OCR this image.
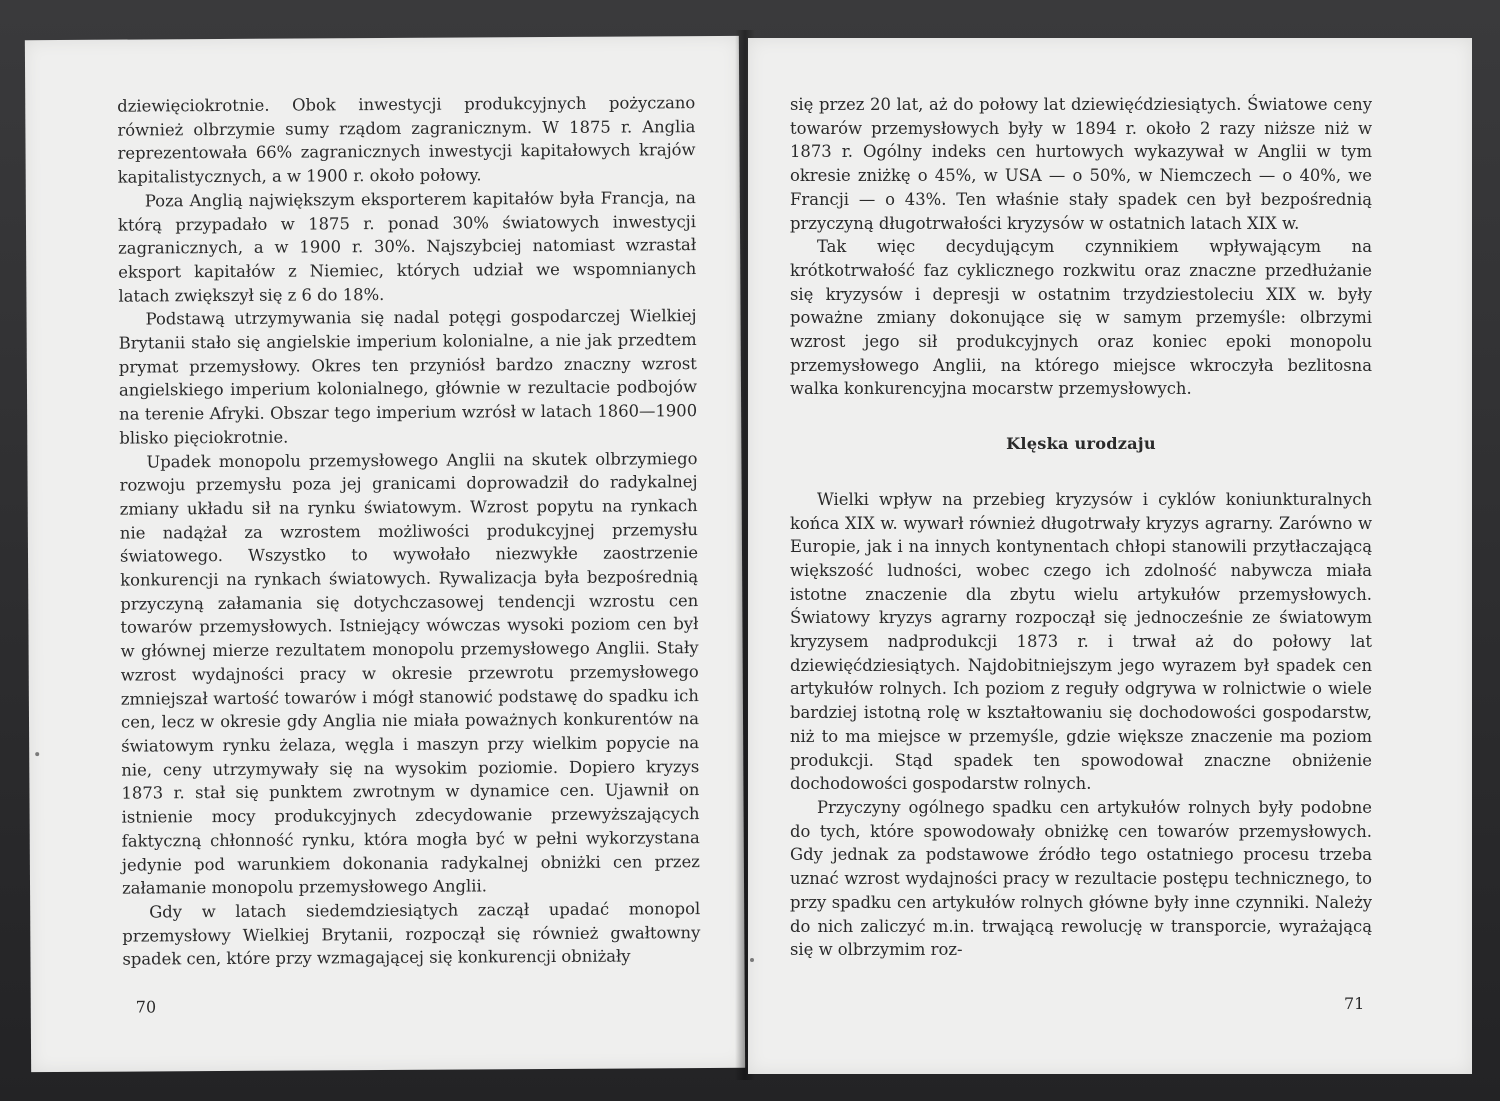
dziewięciokrotnie. Obok inwestycji produkcyjnych pożyczano również olbrzymie sumy rządom zagranicznym. W 1875 r. Anglia reprezentowała 66% zagranicznych inwestycji kapitałowych krajów kapitalistycznych, a w 1900 r. około połowy.

Poza Anglią największym eksporterem kapitałów była Francja, na którą przypadało w 1875 r. ponad 30% światowych inwestycji zagranicznych, a w 1900 r. 30%. Najszybciej natomiast wzrastał eksport kapitałów z Niemiec, których udział we wspomnianych latach zwiększył się z 6 do 18%.

Podstawą utrzymywania się nadal potęgi gospodarczej Wielkiej Brytanii stało się angielskie imperium kolonialne, a nie jak przedtem prymat przemysłowy. Okres ten przyniósł bardzo znaczny wzrost angielskiego imperium kolonialnego, głównie w rezultacie podbojów na terenie Afryki. Obszar tego imperium wzrósł w latach 1860—1900 blisko pięciokrotnie.

Upadek monopolu przemysłowego Anglii na skutek olbrzymiego rozwoju przemysłu poza jej granicami doprowadził do radykalnej zmiany układu sił na rynku światowym. Wzrost popytu na rynkach nie nadążał za wzrostem możliwości produkcyjnej przemysłu światowego. Wszystko to wywołało niezwykłe zaostrzenie konkurencji na rynkach światowych. Rywalizacja była bezpośrednią przyczyną załamania się dotychczasowej tendencji wzrostu cen towarów przemysłowych. Istniejący wówczas wysoki poziom cen był w głównej mierze rezultatem monopolu przemysłowego Anglii. Stały wzrost wydajności pracy w okresie przewrotu przemysłowego zmniejszał wartość towarów i mógł stanowić podstawę do spadku ich cen, lecz w okresie gdy Anglia nie miała poważnych konkurentów na światowym rynku żelaza, węgla i maszyn przy wielkim popycie na nie, ceny utrzymywały się na wysokim poziomie. Dopiero kryzys 1873 r. stał się punktem zwrotnym w dynamice cen. Ujawnił on istnienie mocy produkcyjnych zdecydowanie przewyższających faktyczną chłonność rynku, która mogła być w pełni wykorzystana jedynie pod warunkiem dokonania radykalnej obniżki cen przez załamanie monopolu przemysłowego Anglii.

Gdy w latach siedemdziesiątych zaczął upadać monopol przemysłowy Wielkiej Brytanii, rozpoczął się również gwałtowny spadek cen, które przy wzmagającej się konkurencji obniżały

70

się przez 20 lat, aż do połowy lat dziewięćdziesiątych. Światowe ceny towarów przemysłowych były w 1894 r. około 2 razy niższe niż w 1873 r. Ogólny indeks cen hurtowych wykazywał w Anglii w tym okresie zniżkę o 45%, w USA — o 50%, w Niemczech — o 40%, we Francji — o 43%. Ten właśnie stały spadek cen był bezpośrednią przyczyną długotrwałości kryzysów w ostatnich latach XIX w.

Tak więc decydującym czynnikiem wpływającym na krótkotrwałość faz cyklicznego rozkwitu oraz znaczne przedłużanie się kryzysów i depresji w ostatnim trzydziestoleciu XIX w. były poważne zmiany dokonujące się w samym przemyśle: olbrzymi wzrost jego sił produkcyjnych oraz koniec epoki monopolu przemysłowego Anglii, na którego miejsce wkroczyła bezlitosna walka konkurencyjna mocarstw przemysłowych.

Klęska urodzaju

Wielki wpływ na przebieg kryzysów i cyklów koniunkturalnych końca XIX w. wywarł również długotrwały kryzys agrarny. Zarówno w Europie, jak i na innych kontynentach chłopi stanowili przytłaczającą większość ludności, wobec czego ich zdolność nabywcza miała istotne znaczenie dla zbytu wielu artykułów przemysłowych. Światowy kryzys agrarny rozpoczął się jednocześnie ze światowym kryzysem nadprodukcji 1873 r. i trwał aż do połowy lat dziewięćdziesiątych. Najdobitniejszym jego wyrazem był spadek cen artykułów rolnych. Ich poziom z reguły odgrywa w rolnictwie o wiele bardziej istotną rolę w kształtowaniu się dochodowości gospodarstw, niż to ma miejsce w przemyśle, gdzie większe znaczenie ma poziom produkcji. Stąd spadek ten spowodował znaczne obniżenie dochodowości gospodarstw rolnych.

Przyczyny ogólnego spadku cen artykułów rolnych były podobne do tych, które spowodowały obniżkę cen towarów przemysłowych. Gdy jednak za podstawowe źródło tego ostatniego procesu trzeba uznać wzrost wydajności pracy w rezultacie postępu technicznego, to przy spadku cen artykułów rolnych główne były inne czynniki. Należy do nich zaliczyć m.in. trwającą rewolucję w transporcie, wyrażającą się w olbrzymim roz-

71
